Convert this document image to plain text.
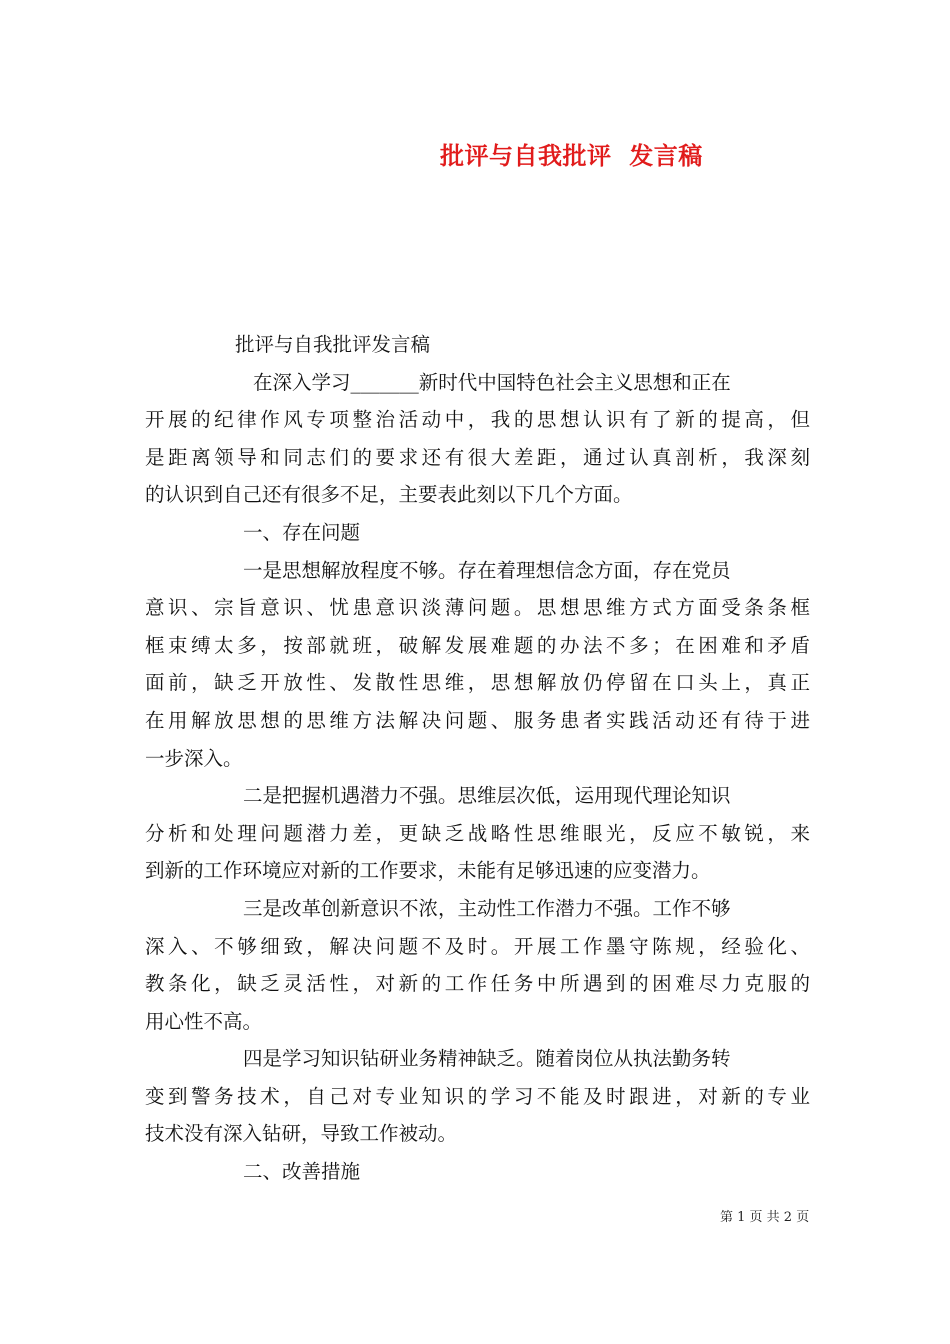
批评与自我批评  发言稿
批评与自我批评发言稿
在深入学习_______新时代中国特色社会主义思想和正在
开展的纪律作风专项整治活动中，我的思想认识有了新的提高，但
是距离领导和同志们的要求还有很大差距，通过认真剖析，我深刻
的认识到自己还有很多不足，主要表此刻以下几个方面。
一、存在问题
一是思想解放程度不够。存在着理想信念方面，存在党员
意识、宗旨意识、忧患意识淡薄问题。思想思维方式方面受条条框
框束缚太多，按部就班，破解发展难题的办法不多；在困难和矛盾
面前，缺乏开放性、发散性思维，思想解放仍停留在口头上，真正
在用解放思想的思维方法解决问题、服务患者实践活动还有待于进
一步深入。
二是把握机遇潜力不强。思维层次低，运用现代理论知识
分析和处理问题潜力差，更缺乏战略性思维眼光，反应不敏锐，来
到新的工作环境应对新的工作要求，未能有足够迅速的应变潜力。
三是改革创新意识不浓，主动性工作潜力不强。工作不够
深入、不够细致，解决问题不及时。开展工作墨守陈规，经验化、
教条化，缺乏灵活性，对新的工作任务中所遇到的困难尽力克服的
用心性不高。
四是学习知识钻研业务精神缺乏。随着岗位从执法勤务转
变到警务技术，自己对专业知识的学习不能及时跟进，对新的专业
技术没有深入钻研，导致工作被动。
二、改善措施
第 1 页 共 2 页
